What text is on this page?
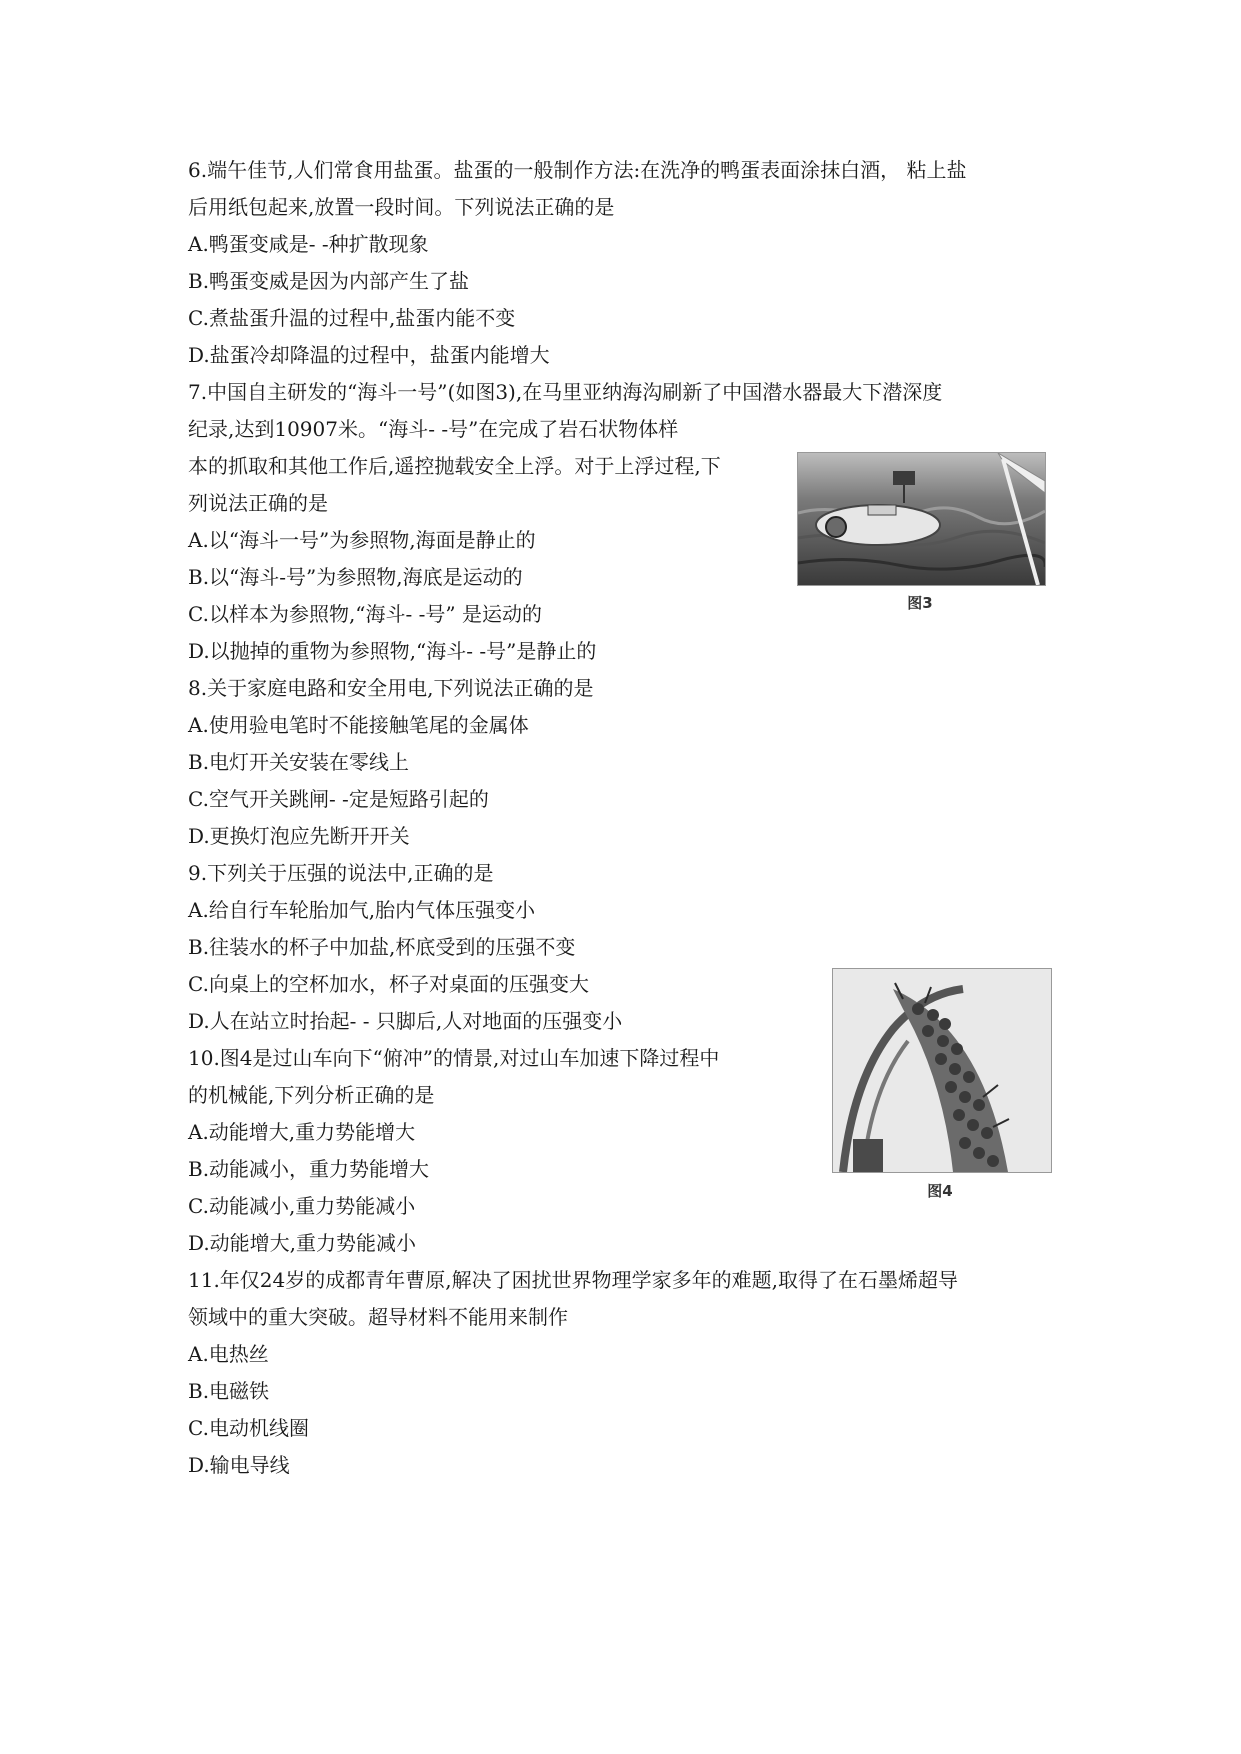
6.端午佳节,人们常食用盐蛋。盐蛋的一般制作方法:在洗净的鸭蛋表面涂抹白酒， 粘上盐
后用纸包起来,放置一段时间。下列说法正确的是
A.鸭蛋变咸是- -种扩散现象
B.鸭蛋变威是因为内部产生了盐
C.煮盐蛋升温的过程中,盐蛋内能不变
D.盐蛋冷却降温的过程中，盐蛋内能增大
7.中国自主研发的“海斗一号”(如图3),在马里亚纳海沟刷新了中国潜水器最大下潜深度
纪录,达到10907米。“海斗- -号”在完成了岩石状物体样
本的抓取和其他工作后,遥控抛载安全上浮。对于上浮过程,下
列说法正确的是
A.以“海斗一号”为参照物,海面是静止的
B.以“海斗-号”为参照物,海底是运动的
C.以样本为参照物,“海斗- -号” 是运动的
D.以抛掉的重物为参照物,“海斗- -号”是静止的
图3
8.关于家庭电路和安全用电,下列说法正确的是
A.使用验电笔时不能接触笔尾的金属体
B.电灯开关安装在零线上
C.空气开关跳闸- -定是短路引起的
D.更换灯泡应先断开开关
9.下列关于压强的说法中,正确的是
A.给自行车轮胎加气,胎内气体压强变小
B.往装水的杯子中加盐,杯底受到的压强不变
C.向桌上的空杯加水，杯子对桌面的压强变大
D.人在站立时抬起- - 只脚后,人对地面的压强变小
图4
10.图4是过山车向下“俯冲”的情景,对过山车加速下降过程中
的机械能,下列分析正确的是
A.动能增大,重力势能增大
B.动能减小，重力势能增大
C.动能减小,重力势能减小
D.动能增大,重力势能减小
11.年仅24岁的成都青年曹原,解决了困扰世界物理学家多年的难题,取得了在石墨烯超导
领域中的重大突破。超导材料不能用来制作
A.电热丝
B.电磁铁
C.电动机线圈
D.输电导线
